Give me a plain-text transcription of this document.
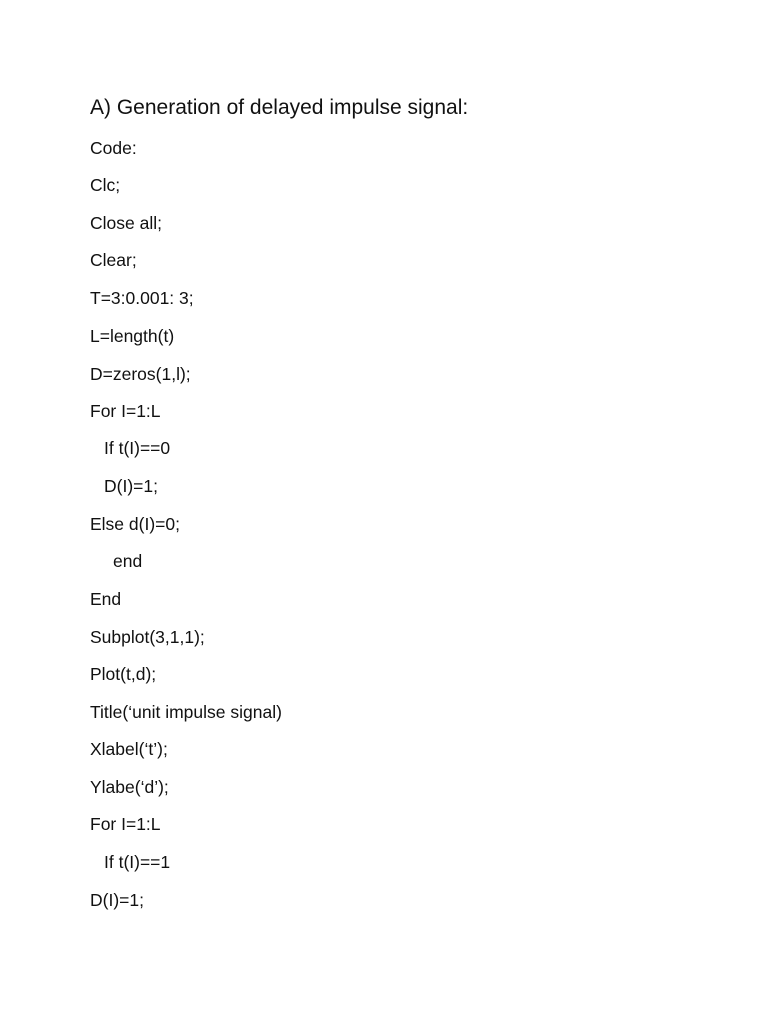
A) Generation of delayed impulse signal:
Code:
Clc;
Close all;
Clear;
T=3:0.001: 3;
L=length(t)
D=zeros(1,l);
For I=1:L
If t(I)==0
D(I)=1;
Else d(I)=0;
end
End
Subplot(3,1,1);
Plot(t,d);
Title(‘unit impulse signal)
Xlabel(‘t’);
Ylabe(‘d’);
For I=1:L
If t(I)==1
D(I)=1;
